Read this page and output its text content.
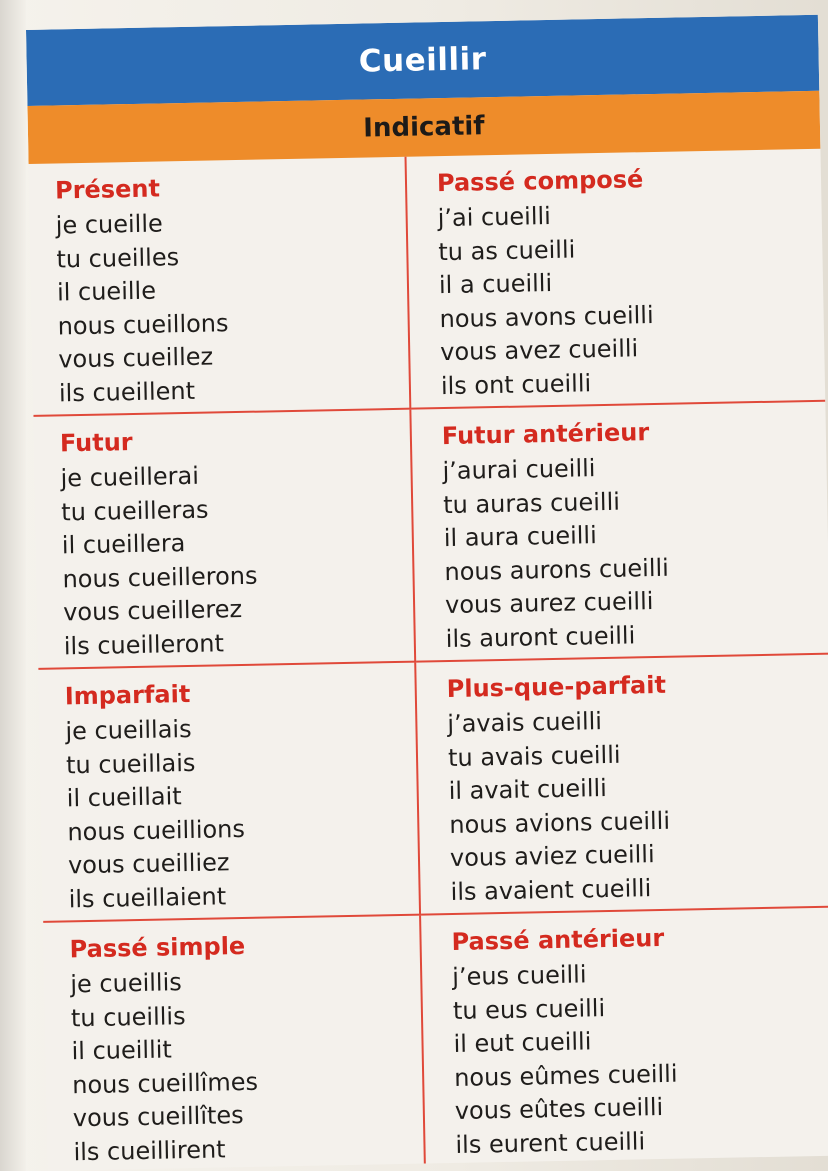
Cueillir
Indicatif
Présent
je cueille
tu cueilles
il cueille
nous cueillons
vous cueillez
ils cueillent
Passé composé
j’ai cueilli
tu as cueilli
il a cueilli
nous avons cueilli
vous avez cueilli
ils ont cueilli
Futur
je cueillerai
tu cueilleras
il cueillera
nous cueillerons
vous cueillerez
ils cueilleront
Futur antérieur
j’aurai cueilli
tu auras cueilli
il aura cueilli
nous aurons cueilli
vous aurez cueilli
ils auront cueilli
Imparfait
je cueillais
tu cueillais
il cueillait
nous cueillions
vous cueilliez
ils cueillaient
Plus-que-parfait
j’avais cueilli
tu avais cueilli
il avait cueilli
nous avions cueilli
vous aviez cueilli
ils avaient cueilli
Passé simple
je cueillis
tu cueillis
il cueillit
nous cueillîmes
vous cueillîtes
ils cueillirent
Passé antérieur
j’eus cueilli
tu eus cueilli
il eut cueilli
nous eûmes cueilli
vous eûtes cueilli
ils eurent cueilli
